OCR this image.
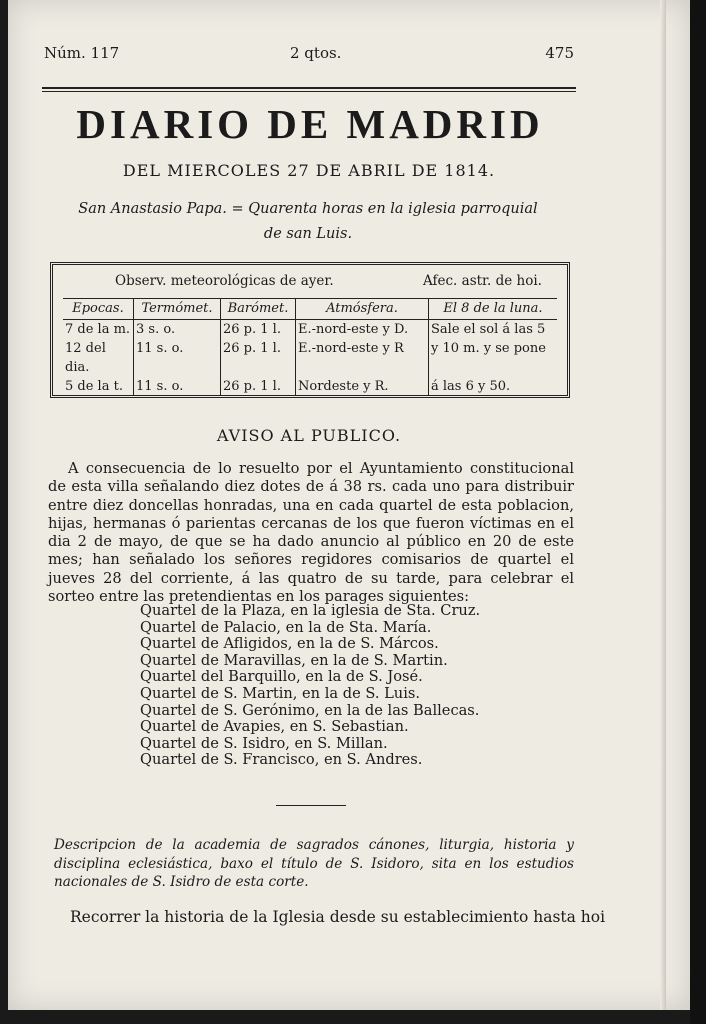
Núm. 117	2 qtos.	475
DIARIO DE MADRID
DEL MIERCOLES 27 DE ABRIL DE 1814.
San Anastasio Papa. = Quarenta horas en la iglesia parroquial de san Luis.
Observ. meteorológicas de ayer.	Afec. astr. de hoi.
Epocas.	Termómet.	Barómet.	Atmósfera.	El 8 de la luna.
7 de la m.	3 s. o.	26 p. 1 l.	E.-nord-este y D.	Sale el sol á las 5
12 del dia.	11 s. o.	26 p. 1 l.	E.-nord-este y R	y 10 m. y se pone
5 de la t.	11 s. o.	26 p. 1 l.	Nordeste y R.	á las 6 y 50.
AVISO AL PUBLICO.

A consecuencia de lo resuelto por el Ayuntamiento constitucional de esta villa señalando diez dotes de á 38 rs. cada uno para distribuir entre diez doncellas honradas, una en cada quartel de esta poblacion, hijas, hermanas ó parientas cercanas de los que fueron víctimas en el dia 2 de mayo, de que se ha dado anuncio al público en 20 de este mes; han señalado los señores regidores comisarios de quartel el jueves 28 del corriente, á las quatro de su tarde, para celebrar el sorteo entre las pretendientas en los parages siguientes:

Quartel de la Plaza, en la iglesia de Sta. Cruz.
Quartel de Palacio, en la de Sta. María.
Quartel de Afligidos, en la de S. Márcos.
Quartel de Maravillas, en la de S. Martin.
Quartel del Barquillo, en la de S. José.
Quartel de S. Martin, en la de S. Luis.
Quartel de S. Gerónimo, en la de las Ballecas.
Quartel de Avapies, en S. Sebastian.
Quartel de S. Isidro, en S. Millan.
Quartel de S. Francisco, en S. Andres.
Descripcion de la academia de sagrados cánones, liturgia, historia y disciplina eclesiástica, baxo el título de S. Isidoro, sita en los estudios nacionales de S. Isidro de esta corte.
Recorrer la historia de la Iglesia desde su establecimiento hasta hoi
